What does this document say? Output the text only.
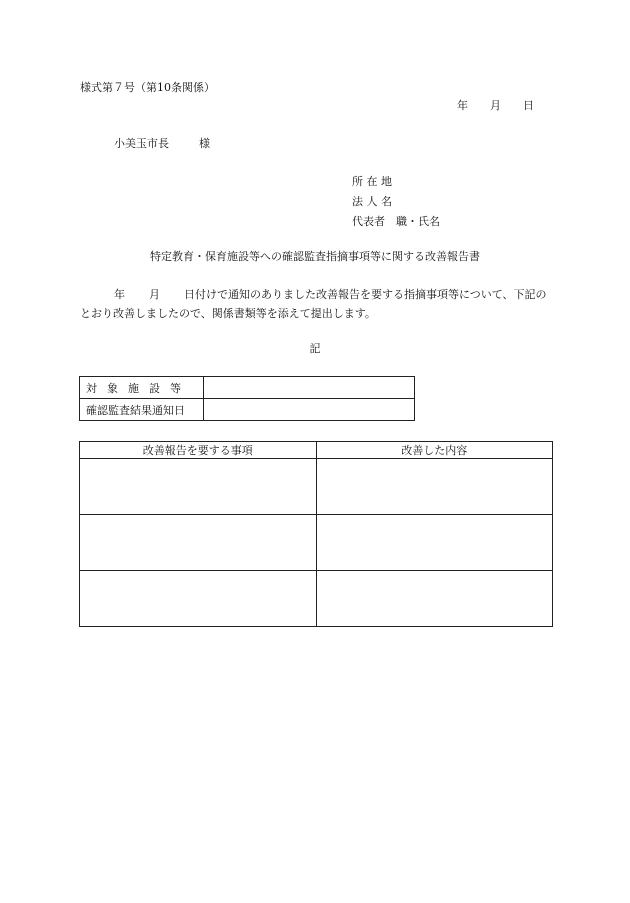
様式第７号（第10条関係）
年 月 日
小美玉市長	様
所 在 地
法 人 名
代表者　職・氏名
特定教育・保育施設等への確認監査指摘事項等に関する改善報告書
年 月 日付けで通知のありました改善報告を要する指摘事項等について、下記のとおり改善しましたので、関係書類等を添えて提出します。
記
対象施設等	
確認監査結果通知日	
改善報告を要する事項	改善した内容
